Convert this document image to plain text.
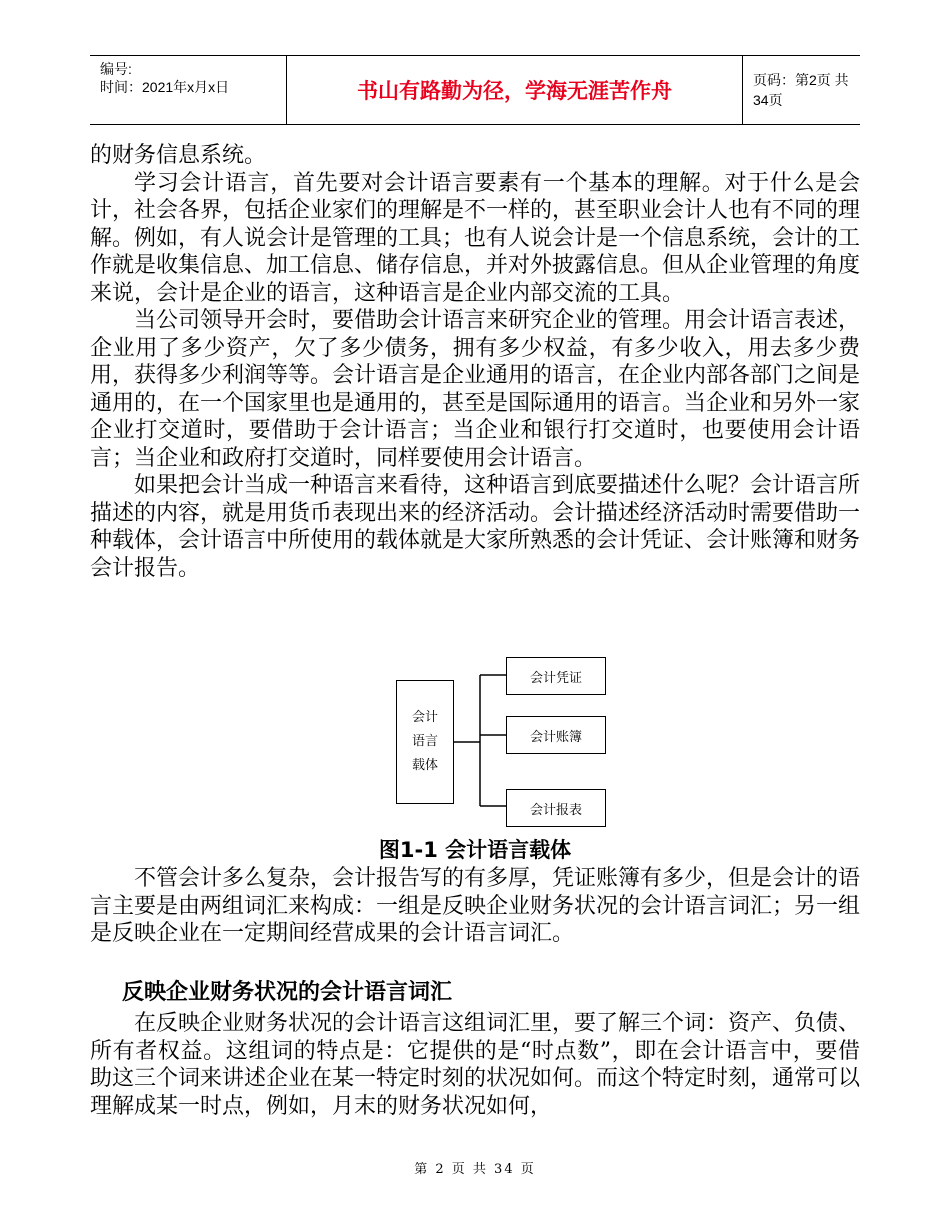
编号:
时间：2021年x月x日	书山有路勤为径，学海无涯苦作舟	页码：第2页 共34页

的财务信息系统。

学习会计语言，首先要对会计语言要素有一个基本的理解。对于什么是会计，社会各界，包括企业家们的理解是不一样的，甚至职业会计人也有不同的理解。例如，有人说会计是管理的工具；也有人说会计是一个信息系统，会计的工作就是收集信息、加工信息、储存信息，并对外披露信息。但从企业管理的角度来说，会计是企业的语言，这种语言是企业内部交流的工具。

当公司领导开会时，要借助会计语言来研究企业的管理。用会计语言表述，企业用了多少资产，欠了多少债务，拥有多少权益，有多少收入，用去多少费用，获得多少利润等等。会计语言是企业通用的语言，在企业内部各部门之间是通用的，在一个国家里也是通用的，甚至是国际通用的语言。当企业和另外一家企业打交道时，要借助于会计语言；当企业和银行打交道时，也要使用会计语言；当企业和政府打交道时，同样要使用会计语言。

如果把会计当成一种语言来看待，这种语言到底要描述什么呢？会计语言所描述的内容，就是用货币表现出来的经济活动。会计描述经济活动时需要借助一种载体，会计语言中所使用的载体就是大家所熟悉的会计凭证、会计账簿和财务会计报告。

会计
语言
载体
会计凭证
会计账簿
会计报表
图1-1 会计语言载体

不管会计多么复杂，会计报告写的有多厚，凭证账簿有多少，但是会计的语言主要是由两组词汇来构成：一组是反映企业财务状况的会计语言词汇；另一组是反映企业在一定期间经营成果的会计语言词汇。

反映企业财务状况的会计语言词汇

在反映企业财务状况的会计语言这组词汇里，要了解三个词：资产、负债、所有者权益。这组词的特点是：它提供的是“时点数”，即在会计语言中，要借助这三个词来讲述企业在某一特定时刻的状况如何。而这个特定时刻，通常可以理解成某一时点，例如，月末的财务状况如何，

第 2 页 共 34 页
